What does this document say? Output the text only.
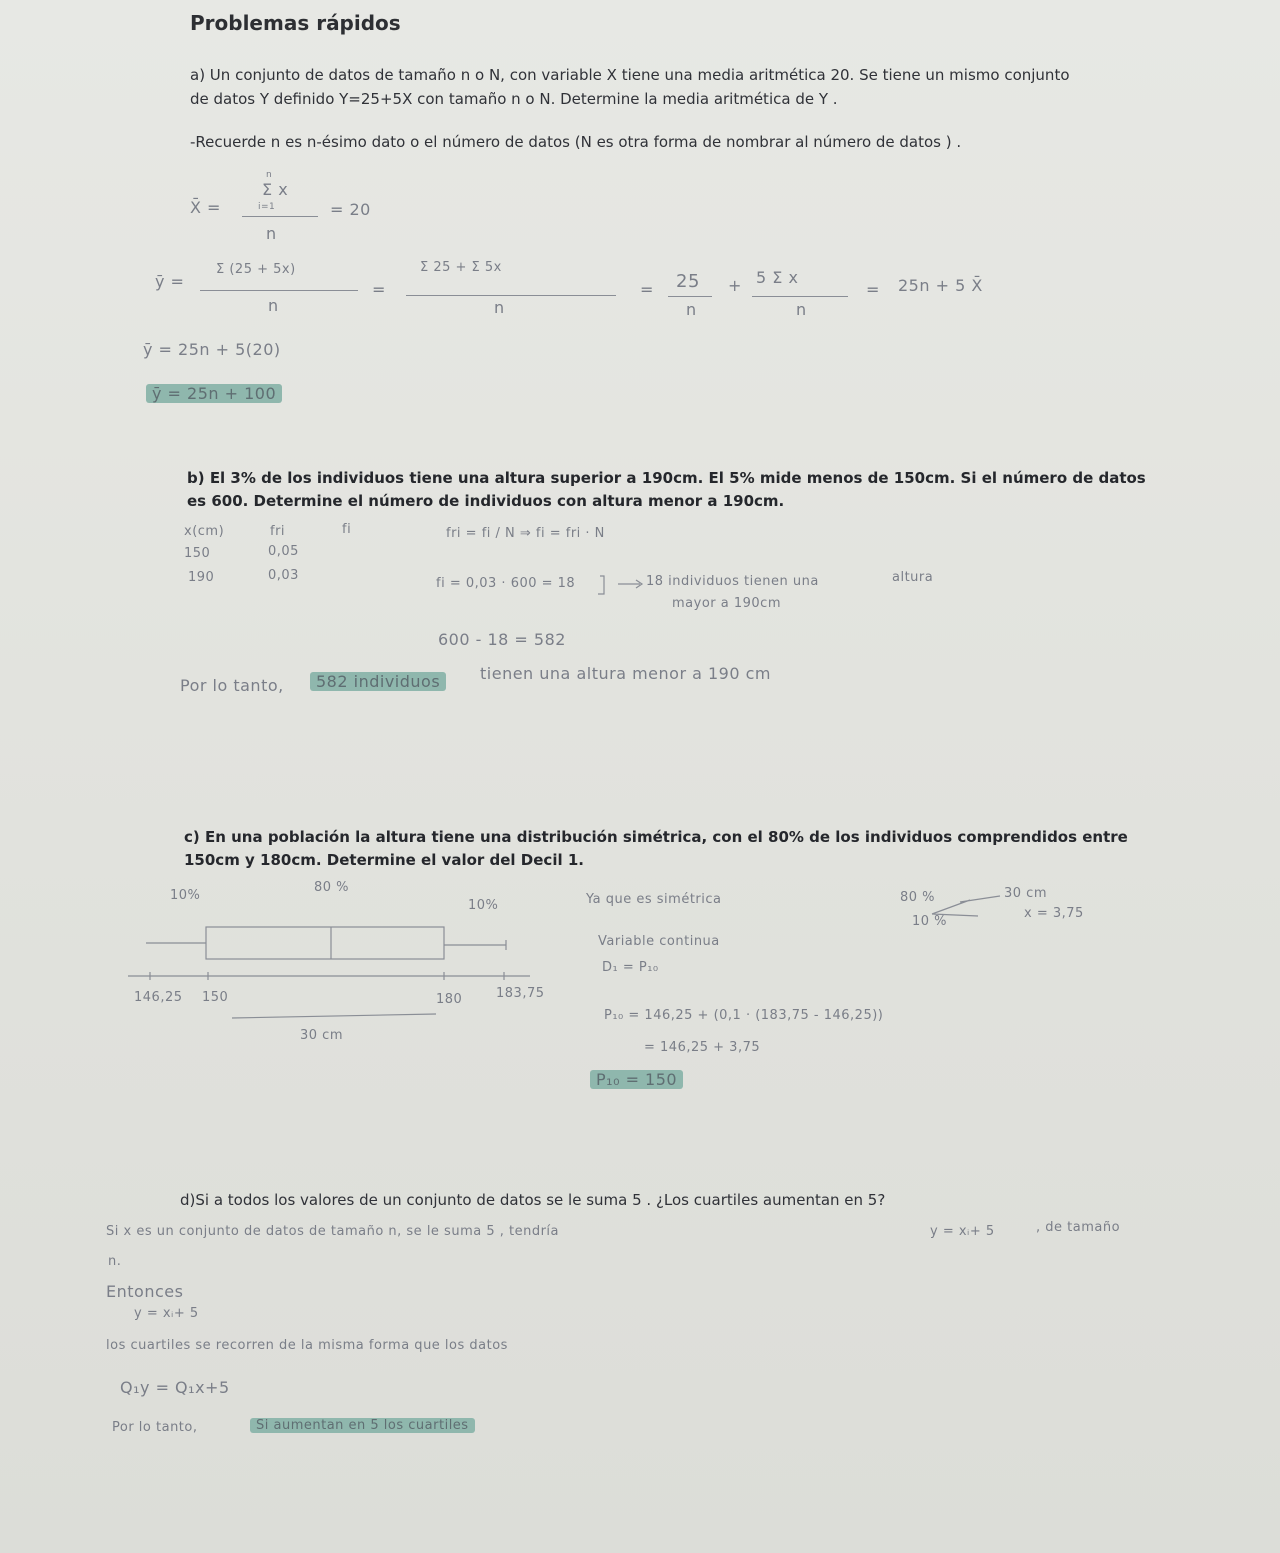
Problemas rápidos

a) Un conjunto de datos de tamaño n o N, con variable X tiene una media aritmética 20. Se tiene un mismo conjunto

de datos Y definido Y=25+5X con tamaño n o N. Determine la media aritmética de Y .

-Recuerde n es n-ésimo dato o el número de datos (N es otra forma de nombrar al número de datos ) .

X̄ =

n

Σ x

i=1

n

= 20

ȳ =

Σ (25 + 5x)

n

=

Σ 25 + Σ 5x

n

= 25

n

+ 5 Σ x

n

= 25n + 5 X̄

ȳ = 25n + 5(20)

ȳ = 25n + 100

b) El 3% de los individuos tiene una altura superior a 190cm. El 5% mide menos de 150cm. Si el número de datos

es 600. Determine el número de individuos con altura menor a 190cm.

x(cm)	fri	fi

150	0,05

190	0,03

fri = fi / N ⇒ fi = fri · N

fi = 0,03 · 600 = 18	18 individuos tienen una	altura

mayor a 190cm

600 - 18 = 582

Por lo tanto,	582 individuos	tienen una altura menor a 190 cm

c) En una población la altura tiene una distribución simétrica, con el 80% de los individuos comprendidos entre

150cm y 180cm. Determine el valor del Decil 1.

10%

80 %

10%

146,25 150	180	183,75

30 cm

Ya que es simétrica

Variable continua

D₁ = P₁₀

P₁₀ = 146,25 + (0,1 · (183,75 - 146,25))

= 146,25 + 3,75

P₁₀ = 150

80 %

10 %

30 cm

x = 3,75

d)Si a todos los valores de un conjunto de datos se le suma 5 . ¿Los cuartiles aumentan en 5?

Si x es un conjunto de datos de tamaño n, se le suma 5 , tendría	y = xᵢ+ 5	, de tamaño

n.

Entonces

y = xᵢ+ 5

los cuartiles se recorren de la misma forma que los datos

Q₁y = Q₁x+5

Por lo tanto,	Si aumentan en 5 los cuartiles
